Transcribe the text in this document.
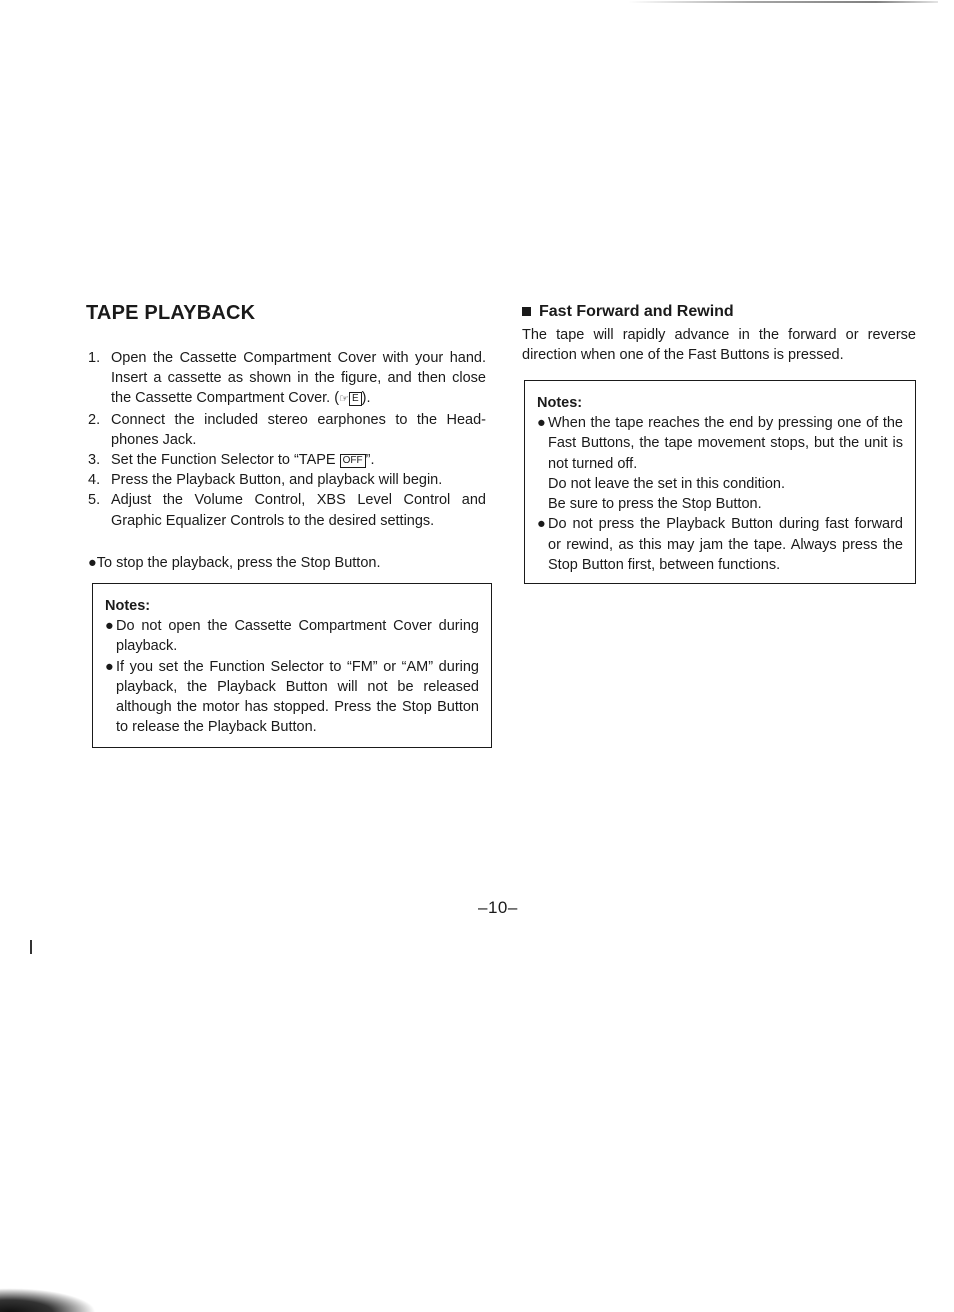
TAPE PLAYBACK
1. Open the Cassette Compartment Cover with your hand. Insert a cassette as shown in the figure, and then close the Cassette Compartment Cover. (☞ E ).
2. Connect the included stereo earphones to the Head-phones Jack.
3. Set the Function Selector to “TAPE OFF ”.
4. Press the Playback Button, and playback will begin.
5. Adjust the Volume Control, XBS Level Control and Graphic Equalizer Controls to the desired settings.

●To stop the playback, press the Stop Button.

Notes:

● Do not open the Cassette Compartment Cover during playback.
● If you set the Function Selector to “FM” or “AM” during playback, the Playback Button will not be released although the motor has stopped. Press the Stop Button to release the Playback Button.
Fast Forward and Rewind

The tape will rapidly advance in the forward or reverse direction when one of the Fast Buttons is pressed.

Notes:

● When the tape reaches the end by pressing one of the Fast Buttons, the tape movement stops, but the unit is not turned off.
Do not leave the set in this condition.
Be sure to press the Stop Button.
● Do not press the Playback Button during fast forward or rewind, as this may jam the tape. Always press the Stop Button first, between functions.
–10–
